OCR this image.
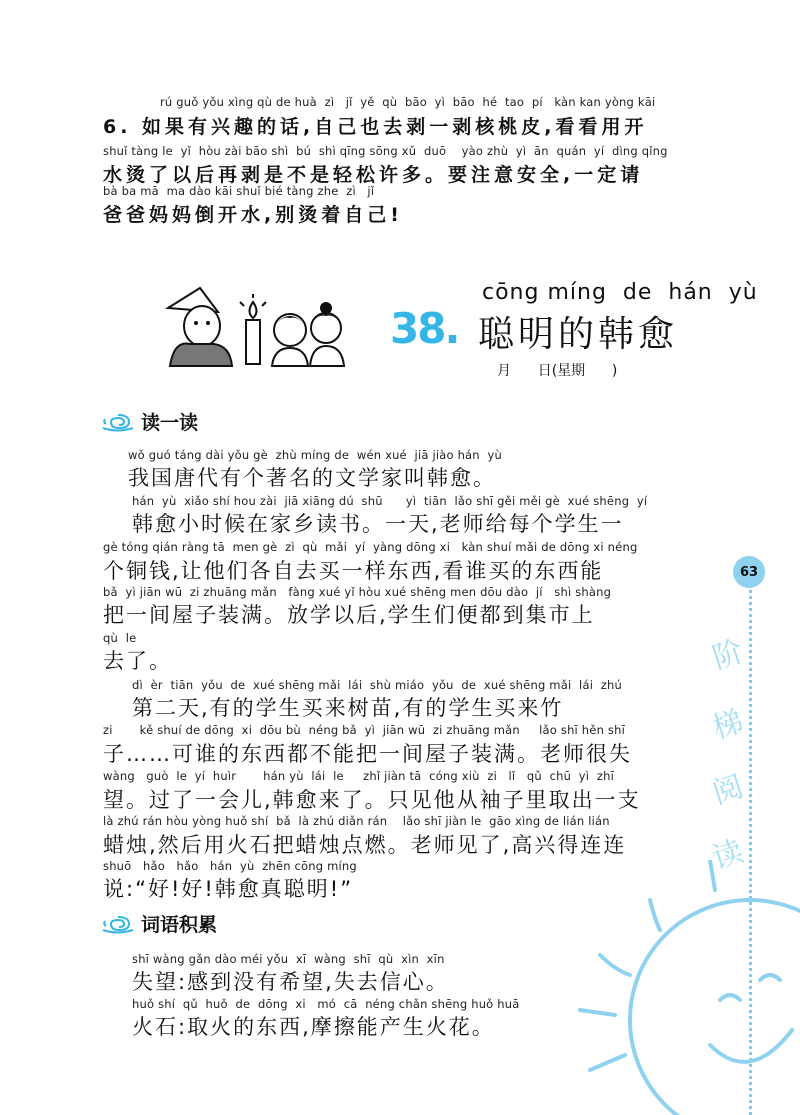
rú guǒ yǒu xìng qù de huà  zì   jǐ  yě  qù  bāo  yì  bāo  hé  tao  pí   kàn kan yòng kāi
6. 如果有兴趣的话,自己也去剥一剥核桃皮,看看用开
shuǐ tàng le  yǐ  hòu zài bāo shì  bú  shì qīng sōng xǔ  duō    yào zhù  yì  ān  quán  yí  dìng qǐng
水烫了以后再剥是不是轻松许多。要注意安全,一定请
bà ba mā  ma dào kāi shuǐ bié tàng zhe  zì   jǐ
爸爸妈妈倒开水,别烫着自己!
cōng míng  de  hán  yù
38. 聪明的韩愈
月      日(星期      )
读一读
wǒ guó táng dài yǒu gè  zhù míng de  wén xué  jiā jiào hán  yù
我国唐代有个著名的文学家叫韩愈。
hán  yù  xiǎo shí hou zài  jiā xiāng dú  shū      yì  tiān  lǎo shī gěi měi gè  xué shēng  yí
韩愈小时候在家乡读书。一天,老师给每个学生一
gè tóng qián ràng tā  men gè  zì  qù  mǎi  yí  yàng dōng xi   kàn shuí mǎi de dōng xi néng
个铜钱,让他们各自去买一样东西,看谁买的东西能
bǎ  yì jiān wū  zi zhuāng mǎn   fàng xué yǐ hòu xué shēng men dōu dào  jí   shì shàng
把一间屋子装满。放学以后,学生们便都到集市上
qù  le
去了。
dì  èr  tiān  yǒu  de  xué shēng mǎi  lái  shù miáo  yǒu  de  xué shēng mǎi  lái  zhú
第二天,有的学生买来树苗,有的学生买来竹
zi       kě shuí de dōng  xi  dōu bù  néng bǎ  yì  jiān wū  zi zhuāng mǎn     lǎo shī hěn shī
子……可谁的东西都不能把一间屋子装满。老师很失
wàng   guò  le  yí  huìr       hán yù  lái  le     zhǐ jiàn tā  cóng xiù  zi   lǐ   qǔ  chū  yì  zhī
望。过了一会儿,韩愈来了。只见他从袖子里取出一支
là zhú rán hòu yòng huǒ shí  bǎ  là zhú diǎn rán    lǎo shī jiàn le  gāo xìng de lián lián
蜡烛,然后用火石把蜡烛点燃。老师见了,高兴得连连
shuō   hǎo   hǎo   hán  yù  zhēn cōng míng
说:“好!好!韩愈真聪明!”
词语积累
shī wàng gǎn dào méi yǒu  xī  wàng  shī  qù  xìn  xīn
失望:感到没有希望,失去信心。
huǒ shí  qǔ  huǒ  de  dōng  xi   mó  cā  néng chǎn shēng huǒ huā
火石:取火的东西,摩擦能产生火花。
63
阶
梯
阅
读
